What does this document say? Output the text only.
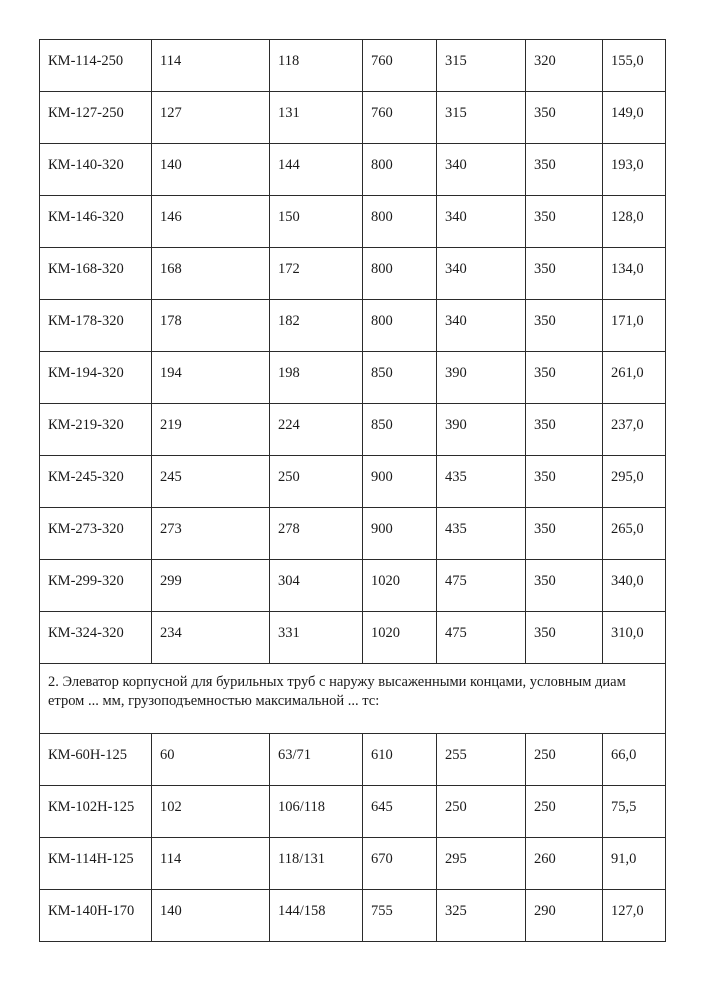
КМ-114-250	114	118	760	315	320	155,0
КМ-127-250	127	131	760	315	350	149,0
КМ-140-320	140	144	800	340	350	193,0
КМ-146-320	146	150	800	340	350	128,0
КМ-168-320	168	172	800	340	350	134,0
КМ-178-320	178	182	800	340	350	171,0
КМ-194-320	194	198	850	390	350	261,0
КМ-219-320	219	224	850	390	350	237,0
КМ-245-320	245	250	900	435	350	295,0
КМ-273-320	273	278	900	435	350	265,0
КМ-299-320	299	304	1020	475	350	340,0
КМ-324-320	234	331	1020	475	350	310,0
2. Элеватор корпусной для бурильных труб с наружу высаженными концами, условным диам етром ... мм, грузоподъемностью максимальной ... тс:						
КМ-60Н-125	60	63/71	610	255	250	66,0
КМ-102Н-125	102	106/118	645	250	250	75,5
КМ-114Н-125	114	118/131	670	295	260	91,0
КМ-140Н-170	140	144/158	755	325	290	127,0
